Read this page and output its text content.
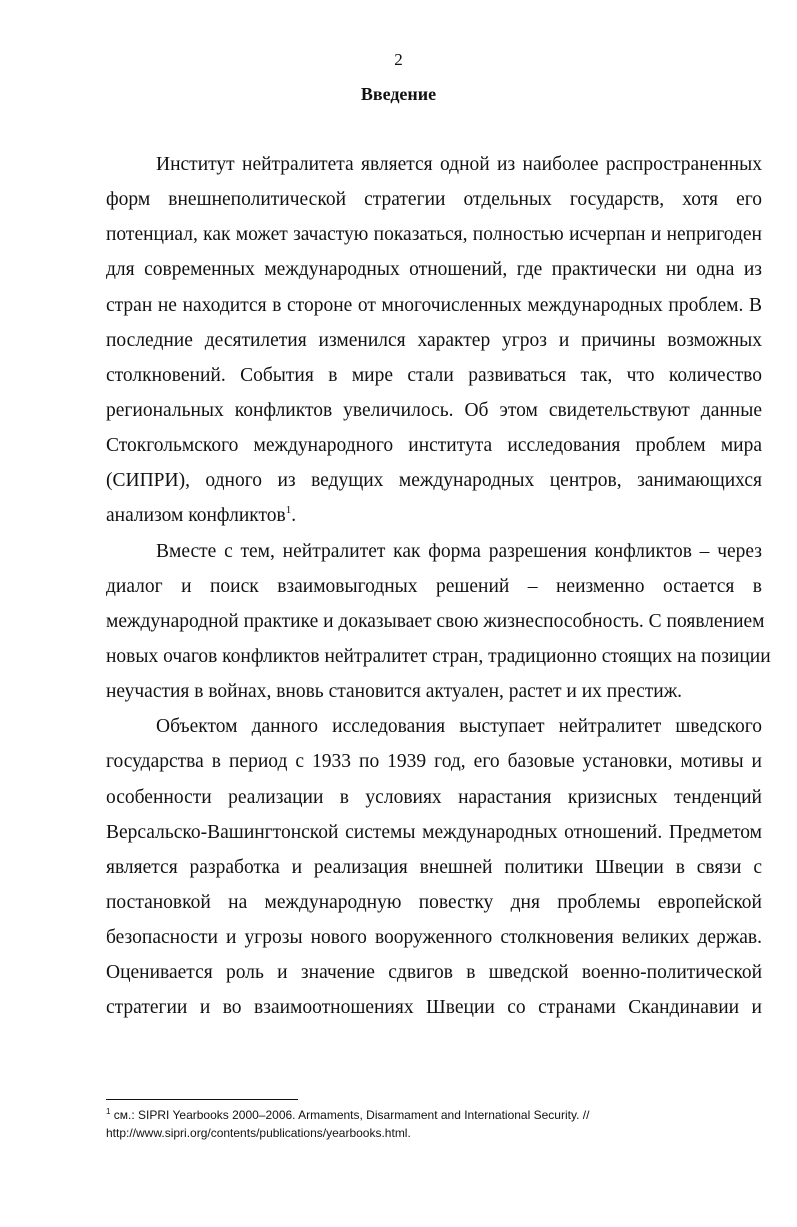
2
Введение
Институт нейтралитета является одной из наиболее распространенных
форм внешнеполитической стратегии отдельных государств, хотя его
потенциал, как может зачастую показаться, полностью исчерпан и непригоден
для современных международных отношений, где практически ни одна из
стран не находится в стороне от многочисленных международных проблем. В
последние десятилетия изменился характер угроз и причины возможных
столкновений. События в мире стали развиваться так, что количество
региональных конфликтов увеличилось. Об этом свидетельствуют данные
Стокгольмского международного института исследования проблем мира
(СИПРИ), одного из ведущих международных центров, занимающихся
анализом конфликтов$^1$.
Вместе с тем, нейтралитет как форма разрешения конфликтов – через
диалог и поиск взаимовыгодных решений – неизменно остается в
международной практике и доказывает свою жизнеспособность. С появлением
новых очагов конфликтов нейтралитет стран, традиционно стоящих на позиции
неучастия в войнах, вновь становится актуален, растет и их престиж.
Объектом данного исследования выступает нейтралитет шведского
государства в период с 1933 по 1939 год, его базовые установки, мотивы и
особенности реализации в условиях нарастания кризисных тенденций
Версальско-Вашингтонской системы международных отношений. Предметом
является разработка и реализация внешней политики Швеции в связи с
постановкой на международную повестку дня проблемы европейской
безопасности и угрозы нового вооруженного столкновения великих держав.
Оценивается роль и значение сдвигов в шведской военно-политической
стратегии и во взаимоотношениях Швеции со странами Скандинавии и
$^1$ см.: SIPRI Yearbooks 2000–2006. Armaments, Disarmament and International Security. //
http://www.sipri.org/contents/publications/yearbooks.html.
